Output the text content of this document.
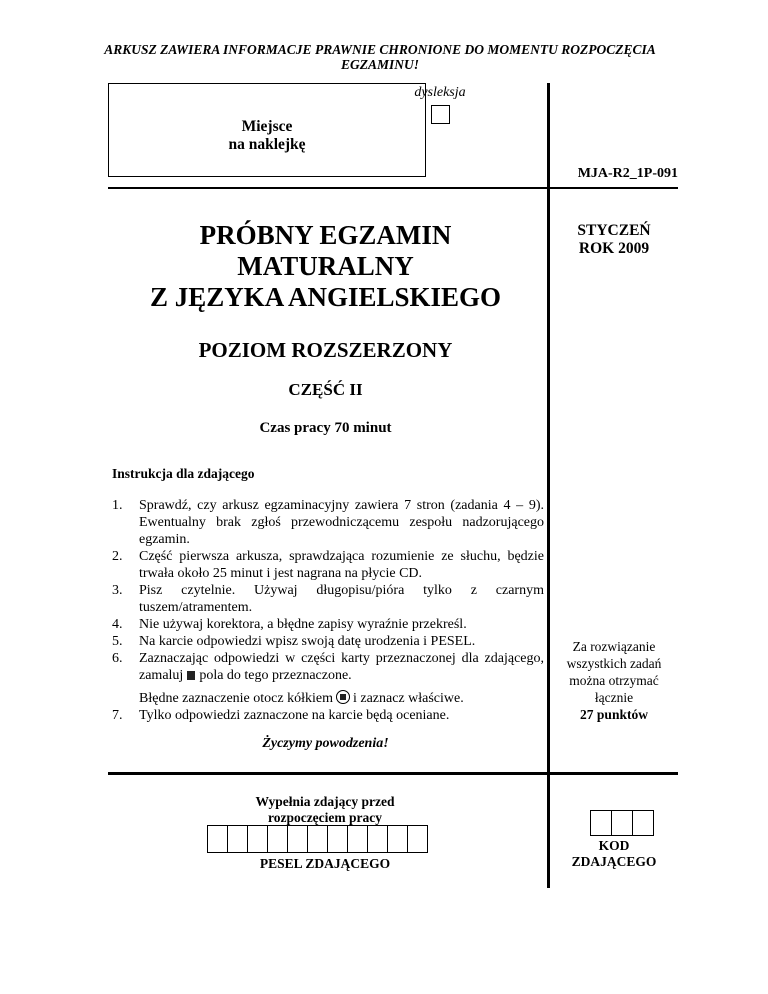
ARKUSZ ZAWIERA INFORMACJE PRAWNIE CHRONIONE DO MOMENTU ROZPOCZĘCIA EGZAMINU!
Miejsce
na naklejkę
dysleksja
MJA-R2_1P-091
PRÓBNY EGZAMIN
MATURALNY
Z JĘZYKA ANGIELSKIEGO
STYCZEŃ
ROK 2009
POZIOM ROZSZERZONY
CZĘŚĆ II
Czas pracy 70 minut
Instrukcja dla zdającego
1. Sprawdź, czy arkusz egzaminacyjny zawiera 7 stron (zadania 4 – 9). Ewentualny brak zgłoś przewodniczącemu zespołu nadzorującego egzamin.
2. Część pierwsza arkusza, sprawdzająca rozumienie ze słuchu, będzie trwała około 25 minut i jest nagrana na płycie CD.
3. Pisz czytelnie. Używaj długopisu/pióra tylko z czarnym tuszem/atramentem.
4. Nie używaj korektora, a błędne zapisy wyraźnie przekreśl.
5. Na karcie odpowiedzi wpisz swoją datę urodzenia i PESEL.
6. Zaznaczając odpowiedzi w części karty przeznaczonej dla zdającego, zamaluj pola do tego przeznaczone.
Błędne zaznaczenie otocz kółkiem i zaznacz właściwe.
7. Tylko odpowiedzi zaznaczone na karcie będą oceniane.
Za rozwiązanie
wszystkich zadań
można otrzymać
łącznie
27 punktów
Życzymy powodzenia!
Wypełnia zdający przed
rozpoczęciem pracy
PESEL ZDAJĄCEGO
KOD
ZDAJĄCEGO
